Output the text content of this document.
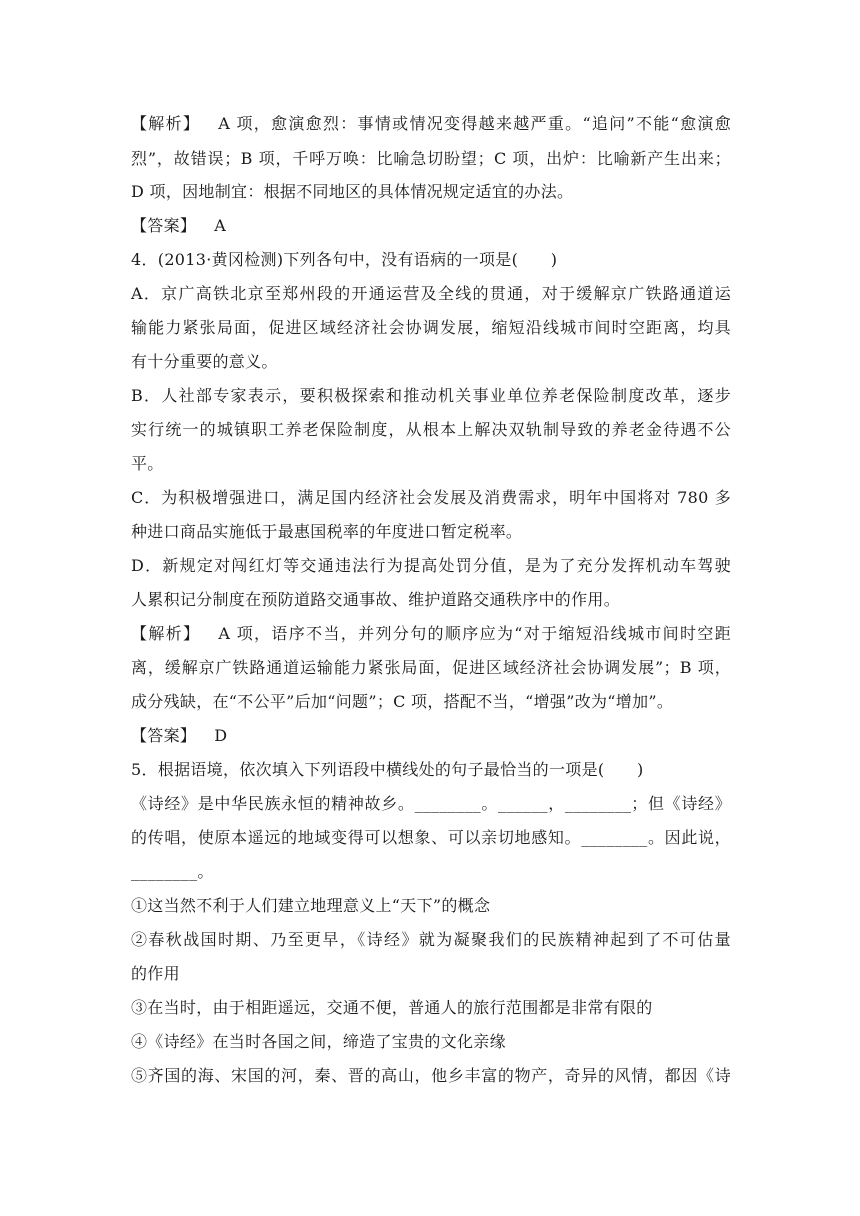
【解析】 A 项，愈演愈烈：事情或情况变得越来越严重。“追问”不能“愈演愈
烈”，故错误；B 项，千呼万唤：比喻急切盼望；C 项，出炉：比喻新产生出来；
D 项，因地制宜：根据不同地区的具体情况规定适宜的办法。
【答案】 A
4．(2013·黄冈检测)下列各句中，没有语病的一项是(　　)
A．京广高铁北京至郑州段的开通运营及全线的贯通，对于缓解京广铁路通道运
输能力紧张局面，促进区域经济社会协调发展，缩短沿线城市间时空距离，均具
有十分重要的意义。
B．人社部专家表示，要积极探索和推动机关事业单位养老保险制度改革，逐步
实行统一的城镇职工养老保险制度，从根本上解决双轨制导致的养老金待遇不公
平。
C．为积极增强进口，满足国内经济社会发展及消费需求，明年中国将对 780 多
种进口商品实施低于最惠国税率的年度进口暂定税率。
D．新规定对闯红灯等交通违法行为提高处罚分值，是为了充分发挥机动车驾驶
人累积记分制度在预防道路交通事故、维护道路交通秩序中的作用。
【解析】 A 项，语序不当，并列分句的顺序应为“对于缩短沿线城市间时空距
离，缓解京广铁路通道运输能力紧张局面，促进区域经济社会协调发展”；B 项，
成分残缺，在“不公平”后加“问题”；C 项，搭配不当，“增强”改为“增加”。
【答案】 D
5．根据语境，依次填入下列语段中横线处的句子最恰当的一项是(　　)
《诗经》是中华民族永恒的精神故乡。________。______，________；但《诗经》
的传唱，使原本遥远的地域变得可以想象、可以亲切地感知。________。因此说，
________。
①这当然不利于人们建立地理意义上“天下”的概念
②春秋战国时期、乃至更早，《诗经》就为凝聚我们的民族精神起到了不可估量
的作用
③在当时，由于相距遥远，交通不便，普通人的旅行范围都是非常有限的
④《诗经》在当时各国之间，缔造了宝贵的文化亲缘
⑤齐国的海、宋国的河，秦、晋的高山，他乡丰富的物产，奇异的风情，都因《诗
